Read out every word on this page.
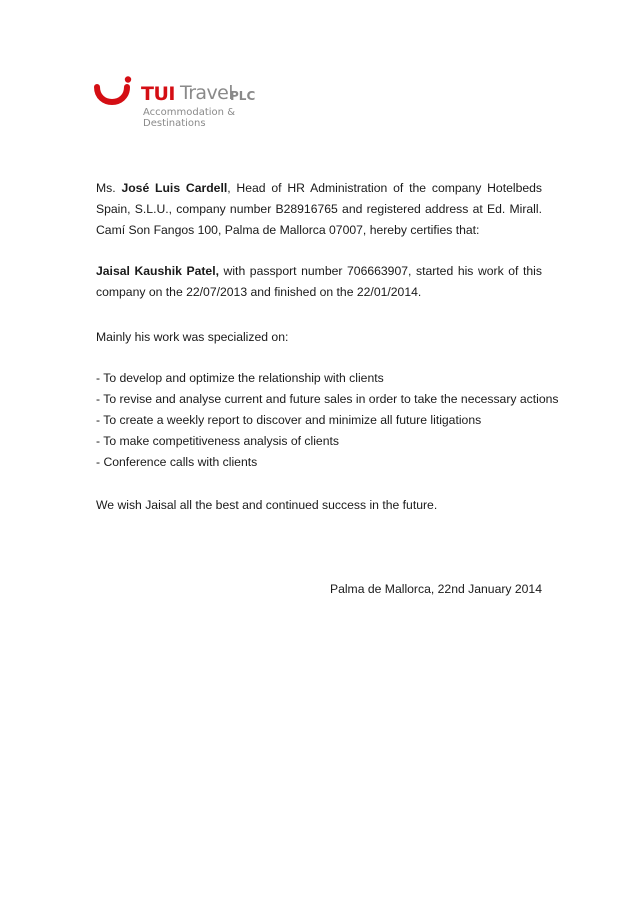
TUI Travel
PLC
Accommodation &
Destinations
Ms. José Luis Cardell, Head of HR Administration of the company Hotelbeds Spain, S.L.U., company number B28916765 and registered address at Ed. Mirall. Camí Son Fangos 100, Palma de Mallorca 07007, hereby certifies that:
Jaisal Kaushik Patel, with passport number 706663907, started his work of this company on the 22/07/2013 and finished on the 22/01/2014.
Mainly his work was specialized on:
- To develop and optimize the relationship with clients
- To revise and analyse current and future sales in order to take the necessary actions
- To create a weekly report to discover and minimize all future litigations
- To make competitiveness analysis of clients
- Conference calls with clients
We wish Jaisal all the best and continued success in the future.
Palma de Mallorca, 22nd January 2014
